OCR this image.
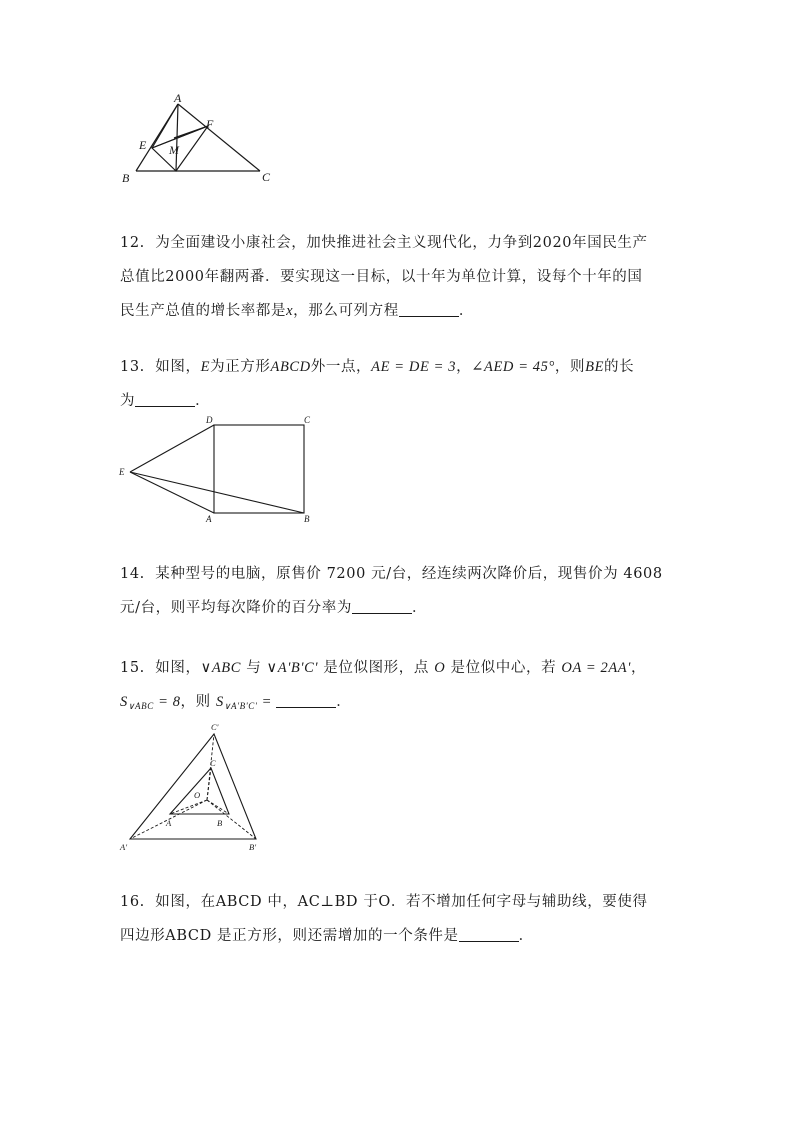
A
B	C
E
F
M

12. 为全面建设小康社会，加快推进社会主义现代化，力争到2020年国民生产

总值比2000年翻两番．要实现这一目标，以十年为单位计算，设每个十年的国

民生产总值的增长率都是x，那么可列方程	．

13. 如图，E为正方形ABCD外一点，AE = DE = 3，∠AED = 45°，则BE的长

为	．

D	C
E
A	B

14. 某种型号的电脑，原售价 7200 元/台，经连续两次降价后，现售价为 4608

元/台，则平均每次降价的百分率为	．

15. 如图，∨ABC 与 ∨A'B'C' 是位似图形，点 O 是位似中心，若 OA = 2AA'，

$S_{\vee ABC} = 8$，则 $S_{\vee A'B'C'}$ =	．

C'
C
O
A	B
A'	B'

16. 如图，在ABCD 中，AC⊥BD 于O．若不增加任何字母与辅助线，要使得

四边形ABCD 是正方形，则还需增加的一个条件是	．
